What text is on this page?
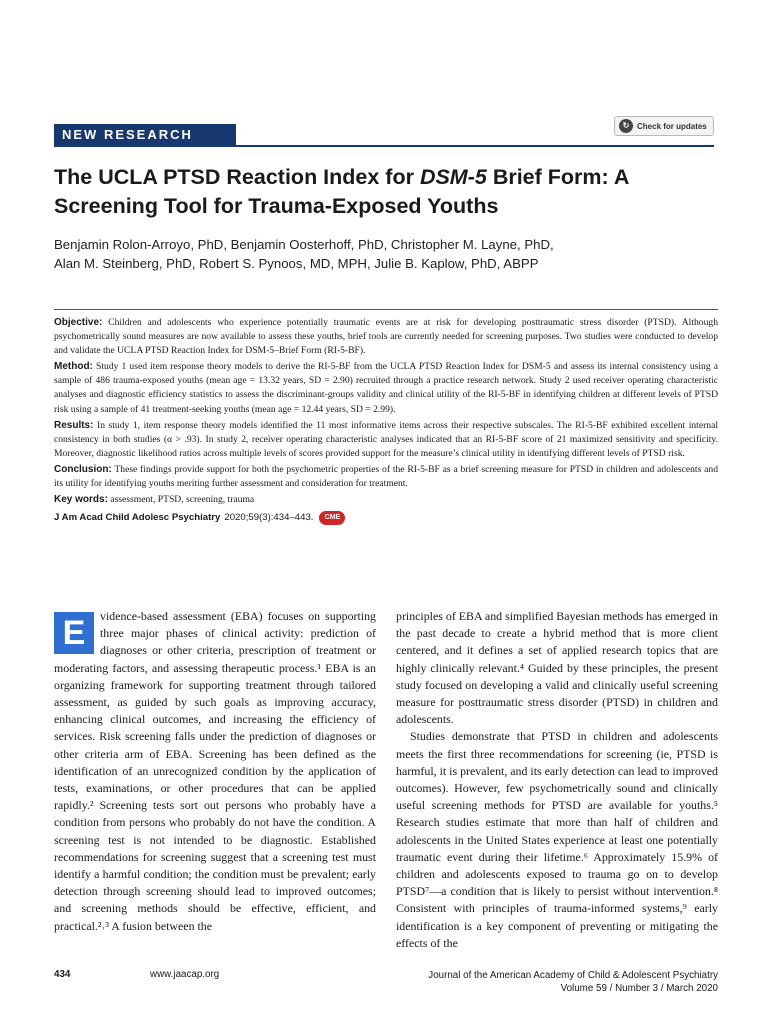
NEW RESEARCH
↻ Check for updates
The UCLA PTSD Reaction Index for DSM-5 Brief Form: A Screening Tool for Trauma-Exposed Youths
Benjamin Rolon-Arroyo, PhD, Benjamin Oosterhoff, PhD, Christopher M. Layne, PhD,
Alan M. Steinberg, PhD, Robert S. Pynoos, MD, MPH, Julie B. Kaplow, PhD, ABPP

Objective: Children and adolescents who experience potentially traumatic events are at risk for developing posttraumatic stress disorder (PTSD). Although psychometrically sound measures are now available to assess these youths, brief tools are currently needed for screening purposes. Two studies were conducted to develop and validate the UCLA PTSD Reaction Index for DSM-5–Brief Form (RI-5-BF).

Method: Study 1 used item response theory models to derive the RI-5-BF from the UCLA PTSD Reaction Index for DSM-5 and assess its internal consistency using a sample of 486 trauma-exposed youths (mean age = 13.32 years, SD = 2.90) recruited through a practice research network. Study 2 used receiver operating characteristic analyses and diagnostic efficiency statistics to assess the discriminant-groups validity and clinical utility of the RI-5-BF in identifying children at different levels of PTSD risk using a sample of 41 treatment-seeking youths (mean age = 12.44 years, SD = 2.99).

Results: In study 1, item response theory models identified the 11 most informative items across their respective subscales. The RI-5-BF exhibited excellent internal consistency in both studies (α > .93). In study 2, receiver operating characteristic analyses indicated that an RI-5-BF score of 21 maximized sensitivity and specificity. Moreover, diagnostic likelihood ratios across multiple levels of scores provided support for the measure’s clinical utility in identifying different levels of PTSD risk.

Conclusion: These findings provide support for both the psychometric properties of the RI-5-BF as a brief screening measure for PTSD in children and adolescents and its utility for identifying youths meriting further assessment and consideration for treatment.

Key words: assessment, PTSD, screening, trauma

J Am Acad Child Adolesc Psychiatry 2020;59(3):434–443.	CME

E	vidence-based assessment (EBA) focuses on supporting three major phases of clinical activity: prediction of diagnoses or other criteria, prescription of treatment or moderating factors, and assessing therapeutic process.¹ EBA is an organizing framework for supporting treatment through tailored assessment, as guided by such goals as improving accuracy, enhancing clinical outcomes, and increasing the efficiency of services. Risk screening falls under the prediction of diagnoses or other criteria arm of EBA. Screening has been defined as the identification of an unrecognized condition by the application of tests, examinations, or other procedures that can be applied rapidly.² Screening tests sort out persons who probably have a condition from persons who probably do not have the condition. A screening test is not intended to be diagnostic. Established recommendations for screening suggest that a screening test must identify a harmful condition; the condition must be prevalent; early detection through screening should lead to improved outcomes; and screening methods should be effective, efficient, and practical.²˒³ A fusion between the

principles of EBA and simplified Bayesian methods has emerged in the past decade to create a hybrid method that is more client centered, and it defines a set of applied research topics that are highly clinically relevant.⁴ Guided by these principles, the present study focused on developing a valid and clinically useful screening measure for posttraumatic stress disorder (PTSD) in children and adolescents.

Studies demonstrate that PTSD in children and adolescents meets the first three recommendations for screening (ie, PTSD is harmful, it is prevalent, and its early detection can lead to improved outcomes). However, few psychometrically sound and clinically useful screening methods for PTSD are available for youths.⁵ Research studies estimate that more than half of children and adolescents in the United States experience at least one potentially traumatic event during their lifetime.⁶ Approximately 15.9% of children and adolescents exposed to trauma go on to develop PTSD⁷—a condition that is likely to persist without intervention.⁸ Consistent with principles of trauma-informed systems,⁹ early identification is a key component of preventing or mitigating the effects of the

434	www.jaacap.org	Journal of the American Academy of Child & Adolescent Psychiatry
Volume 59 / Number 3 / March 2020
